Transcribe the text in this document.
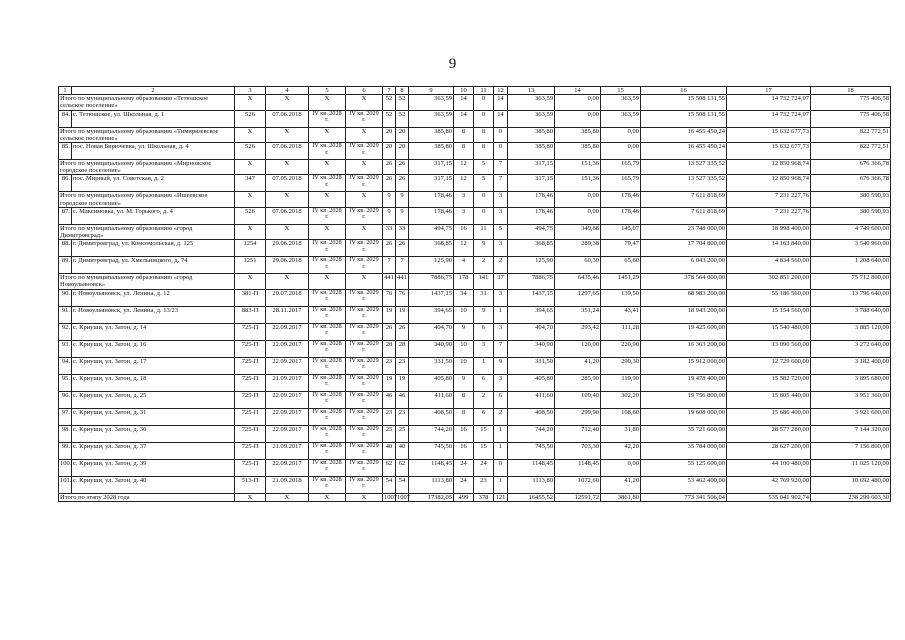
9
1	2	3	4	5	6	7	8	9	10	11	12	13	14	15	16	17	18
Итого по муниципальному образованию «Тетюшское сельское поселение»		X	X	X	X	52	52	363,59	14	0	14	363,59	0,00	363,59	15 508 131,55	14 732 724,97	775 406,58
84.	с. Тетюшское, ул. Школьная, д. 1	526	07.06.2018	IV кв. 2028 г.	IV кв. 2029 г.	52	52	363,59	14	0	14	363,59	0,00	363,59	15 508 131,55	14 732 724,97	775 406,58
Итого по муниципальному образованию «Тимирязевское сельское поселение»		X	X	X	X	20	20	385,80	8	8	0	385,80	385,80	0,00	16 455 450,24	15 632 677,73	822 772,51
85.	пос. Новая Бирючевка, ул. Школьная, д. 4	526	07.06.2018	IV кв. 2028 г.	IV кв. 2029 г.	20	20	385,80	8	8	0	385,80	385,80	0,00	16 455 450,24	15 632 677,73	822 772,51
Итого по муниципальному образованию «Мирновское городское поселение»		X	X	X	X	26	26	317,15	12	5	7	317,15	151,36	165,79	13 527 335,52	12 850 968,74	676 366,78
86.	пос. Мирный, ул. Советская, д. 2	347	07.05.2018	IV кв. 2028 г.	IV кв. 2029 г.	26	26	317,15	12	5	7	317,15	151,36	165,79	13 527 335,52	12 850 968,74	676 366,78
Итого по муниципальному образованию «Ишеевское городское поселение»		X	X	X	X	9	9	178,46	3	0	3	178,46	0,00	178,46	7 611 818,69	7 231 227,76	380 590,93
87.	с. Максимовка, ул. М. Горького, д. 4	526	07.06.2018	IV кв. 2028 г.	IV кв. 2029 г.	9	9	178,46	3	0	3	178,46	0,00	178,46	7 611 818,69	7 231 227,76	380 590,93
Итого по муниципальному образованию «город Димитровград»		X	X	X	X	33	33	494,75	16	11	5	494,75	349,68	145,07	23 748 000,00	18 998 400,00	4 749 600,00
88.	г. Димитровград, ул. Комсомольская, д. 125	1254	29.06.2018	IV кв. 2028 г.	IV кв. 2029 г.	26	26	368,85	12	9	3	368,85	289,38	79,47	17 704 800,00	14 163 840,00	3 540 960,00
89.	г. Димитровград, ул. Хмельницкого, д. 74	1251	29.06.2018	IV кв. 2028 г.	IV кв. 2029 г.	7	7	125,90	4	2	2	125,90	60,30	65,60	6 043 200,00	4 834 560,00	1 208 640,00
Итого по муниципальному образованию «город Новоульяновск»		X	X	X	X	441	441	7886,75	178	141	37	7886,75	6435,46	1451,29	378 564 000,00	302 851 200,00	75 712 800,00
90.	г. Новоульяновск, ул. Ленина, д. 12	381-П	20.07.2018	IV кв. 2028 г.	IV кв. 2029 г.	76	76	1437,15	34	31	3	1437,15	1297,65	139,50	68 983 200,00	55 186 560,00	13 796 640,00
91.	г. Новоульяновск, ул. Ленина, д. 13/23	883-П	28.11.2017	IV кв. 2028 г.	IV кв. 2029 г.	19	19	394,65	10	9	1	394,65	351,24	43,41	18 943 200,00	15 154 560,00	3 788 640,00
92.	с. Криуши, ул. Затон, д. 14	725-П	22.09.2017	IV кв. 2028 г.	IV кв. 2029 г.	26	26	404,70	9	6	3	404,70	293,42	111,28	19 425 600,00	15 540 480,00	3 885 120,00
93.	с. Криуши, ул. Затон, д. 16	725-П	22.09.2017	IV кв. 2028 г.	IV кв. 2029 г.	28	28	340,90	10	3	7	340,90	120,00	220,90	16 363 200,00	13 090 560,00	3 272 640,00
94.	с. Криуши, ул. Затон, д. 17	725-П	22.09.2017	IV кв. 2028 г.	IV кв. 2029 г.	23	23	331,50	10	1	9	331,50	41,20	290,30	15 912 000,00	12 729 600,00	3 182 400,00
95.	с. Криуши, ул. Затон, д. 18	725-П	21.09.2017	IV кв. 2028 г.	IV кв. 2029 г.	19	19	405,80	9	6	3	405,80	285,90	119,90	19 478 400,00	15 582 720,00	3 895 680,00
96.	с. Криуши, ул. Затон, д. 25	725-П	22.09.2017	IV кв. 2028 г.	IV кв. 2029 г.	46	46	411,60	8	2	6	411,60	109,40	302,20	19 756 800,00	15 805 440,00	3 951 360,00
97.	с. Криуши, ул. Затон, д. 31	725-П	22.09.2017	IV кв. 2028 г.	IV кв. 2029 г.	23	23	408,50	8	6	2	408,50	299,90	108,60	19 608 000,00	15 686 400,00	3 921 600,00
98.	с. Криуши, ул. Затон, д. 36	725-П	22.09.2017	IV кв. 2028 г.	IV кв. 2029 г.	25	25	744,20	16	15	1	744,20	712,40	31,80	35 721 600,00	28 577 280,00	7 144 320,00
99.	с. Криуши, ул. Затон, д. 37	725-П	21.09.2017	IV кв. 2028 г.	IV кв. 2029 г.	40	40	745,50	16	15	1	745,50	703,30	42,20	35 784 000,00	28 627 200,00	7 156 800,00
100.	с. Криуши, ул. Затон, д. 39	725-П	22.09.2017	IV кв. 2028 г.	IV кв. 2029 г.	62	62	1148,45	24	24	0	1148,45	1148,45	0,00	55 125 600,00	44 100 480,00	11 025 120,00
101.	с. Криуши, ул. Затон, д. 40	513-П	21.09.2018	IV кв. 2028 г.	IV кв. 2029 г.	54	54	1113,80	24	23	1	1113,80	1072,60	41,20	53 462 400,00	42 769 920,00	10 692 480,00
Итого по этапу 2028 года		X	X	X	X	1007	1007	17382,05	499	378	121	16455,52	12591,72	3861,80	773 341 506,04	535 041 902,74	238 299 603,30
